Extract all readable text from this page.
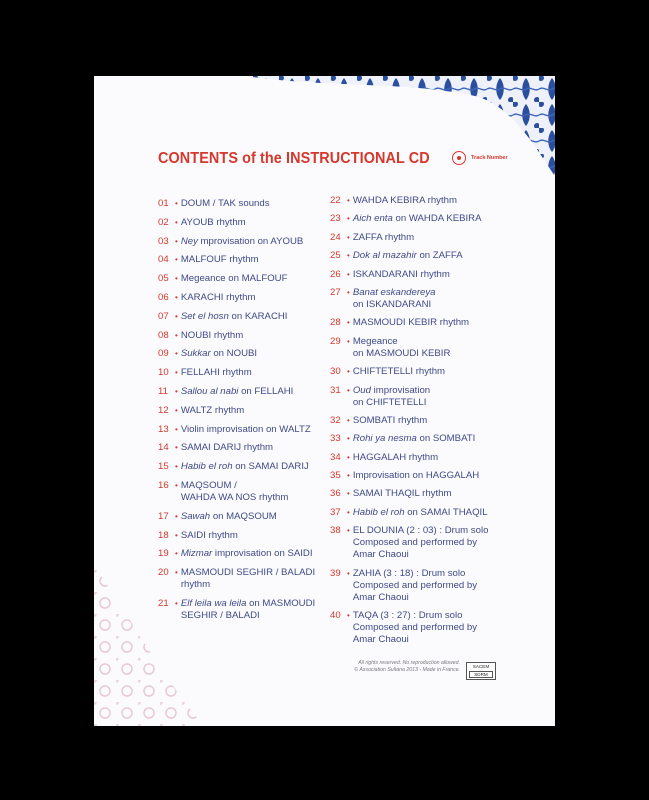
CONTENTS of the INSTRUCTIONAL CD	Track Number
01 • DOUM / TAK sounds
02 • AYOUB rhythm
03 • Ney mprovisation on AYOUB
04 • MALFOUF rhythm
05 • Megeance on MALFOUF
06 • KARACHI rhythm
07 • Set el hosn on KARACHI
08 • NOUBI rhythm
09 • Sukkar on NOUBI
10 • FELLAHI rhythm
11 • Sallou al nabi on FELLAHI
12 • WALTZ rhythm
13 • Violin improvisation on WALTZ
14 • SAMAI DARIJ rhythm
15 • Habib el roh on SAMAI DARIJ
16 • MAQSOUM /
WAHDA WA NOS rhythm
17 • Sawah on MAQSOUM
18 • SAIDI rhythm
19 • Mizmar improvisation on SAIDI
20 • MASMOUDI SEGHIR / BALADI
rhythm
21 • Elf leila wa leila on MASMOUDI
SEGHIR / BALADI
22 • WAHDA KEBIRA rhythm
23 • Aich enta on WAHDA KEBIRA
24 • ZAFFA rhythm
25 • Dok al mazahir on ZAFFA
26 • ISKANDARANI rhythm
27 • Banat eskandereya
on ISKANDARANI
28 • MASMOUDI KEBIR rhythm
29 • Megeance
on MASMOUDI KEBIR
30 • CHIFTETELLI rhythm
31 • Oud improvisation
on CHIFTETELLI
32 • SOMBATI rhythm
33 • Rohi ya nesma on SOMBATI
34 • HAGGALAH rhythm
35 • Improvisation on HAGGALAH
36 • SAMAI THAQIL rhythm
37 • Habib el roh on SAMAI THAQIL
38 • EL DOUNIA (2 : 03) : Drum solo
Composed and performed by
Amar Chaoui
39 • ZAHIA (3 : 18) : Drum solo
Composed and performed by
Amar Chaoui
40 • TAQA (3 : 27) : Drum solo
Composed and performed by
Amar Chaoui
All rights reserved. No reproduction allowed.
© Association Sultana 2013 - Made in France.
SACEM
SDRM
